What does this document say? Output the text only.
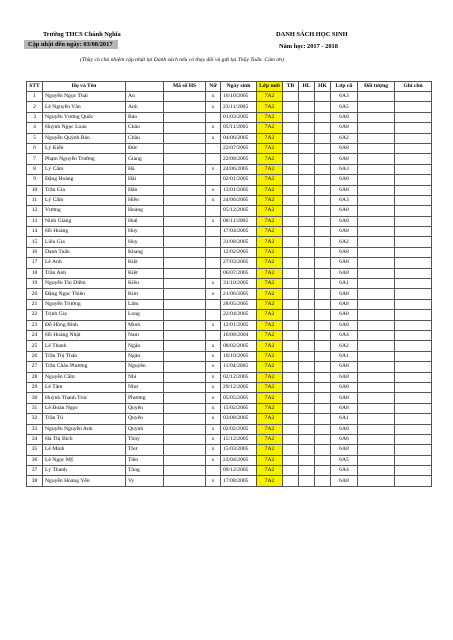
Trường THCS Chánh Nghĩa
Cập nhật đến ngày: 03/08/2017
DANH SÁCH HỌC SINH
Năm học: 2017 - 2018
(Thầy cô chủ nhiệm cập nhật lại Danh sách nếu có thay đổi và gửi lại Thầy Tuấn. Cám ơn)
STT	Họ và Tên		Mã số HS	Nữ	Ngày sinh	Lớp mới	TB	HL	HK	Lớp cũ	Đối tượng	Ghi chú
1	Nguyễn Ngọc Thái	An		x	16/10/2005	7A2				6A3		
2	Lê Nguyễn Văn	Anh		x	23/11/2005	7A2				6A5		
3	Nguyễn Vương Quốc	Bảo			01/03/2005	7A2				6A8		
4	Huỳnh Ngọc Loan	Châu		x	05/11/2005	7A2				6A8		
5	Nguyễn Quỳnh Bảo	Châu		x	04/06/2005	7A2				6A2		
6	Lý Kiến	Đức			22/07/2005	7A2				6A8		
7	Phạm Nguyễn Trường	Giang			22/08/2005	7A2				6A8		
8	Lý Cẩm	Hà		x	24/06/2005	7A2				6A3		
9	Đặng Hoàng	Hải			02/01/2005	7A2				6A8		
10	Trần Gia	Hân		x	13/01/2005	7A2				6A8		
11	Lý Cẩm	Hiền		x	24/06/2005	7A2				6A3		
12	Vương	Hoàng			05/12/2005	7A2				6A8		
13	Ninh Giang	Huệ		x	08/11/2005	7A2				6A8		
14	Hồ Hoàng	Huy			17/04/2005	7A2				6A8		
15	Liêu Gia	Huy			31/08/2005	7A2				6A2		
16	Danh Tuấn	Khang			12/02/2005	7A2				6A8		
17	Lê Anh	Kiệt			27/03/2005	7A2				6A8		
18	Trần Anh	Kiệt			06/07/2005	7A2				6A8		
19	Nguyễn Thị Diễm	Kiều		x	31/10/2005	7A2				6A1		
20	Đặng Ngọc Thiên	Kim		x	21/06/2005	7A2				6A8		
21	Nguyễn Trường	Lâm			28/05/2005	7A2				6A8		
22	Trịnh Gia	Long			22/04/2005	7A2				6A8		
23	Đỗ Hồng Bình	Minh		x	12/01/2005	7A2				6A8		
24	Hồ Hoàng Nhật	Nam			16/08/2004	7A2				6A4		
25	Lê Thanh	Ngân		x	08/02/2005	7A2				6A2		
26	Trần Thị Thảo	Ngân		x	10/10/2005	7A2				6A1		
27	Trần Châu Phương	Nguyên		x	11/04/2005	7A2				6A8		
28	Nguyễn Cẩm	Nhi		x	02/12/2005	7A2				6A8		
29	Lê Tâm	Như		x	29/12/2005	7A2				6A8		
30	Huỳnh Thanh Trúc	Phương		x	05/05/2005	7A2				6A8		
31	Lê Đoàn Ngọc	Quyên		x	15/02/2005	7A2				6A8		
32	Trần Tú	Quyên		x	03/08/2005	7A2				6A1		
33	Nguyễn Nguyễn Anh	Quỳnh		x	02/02/2005	7A2				6A8		
34	Hà Thị Bích	Thủy		x	15/12/2005	7A2				6A6		
35	Lê Minh	Thư		x	15/03/2005	7A2				6A8		
36	Lê Ngọc Mỹ	Tiên		x	23/04/2005	7A2				6A5		
37	Lý Thanh	Tùng			09/12/2005	7A2				6A4		
38	Nguyễn Hoàng Yến	Vy		x	17/08/2005	7A2				6A8		
